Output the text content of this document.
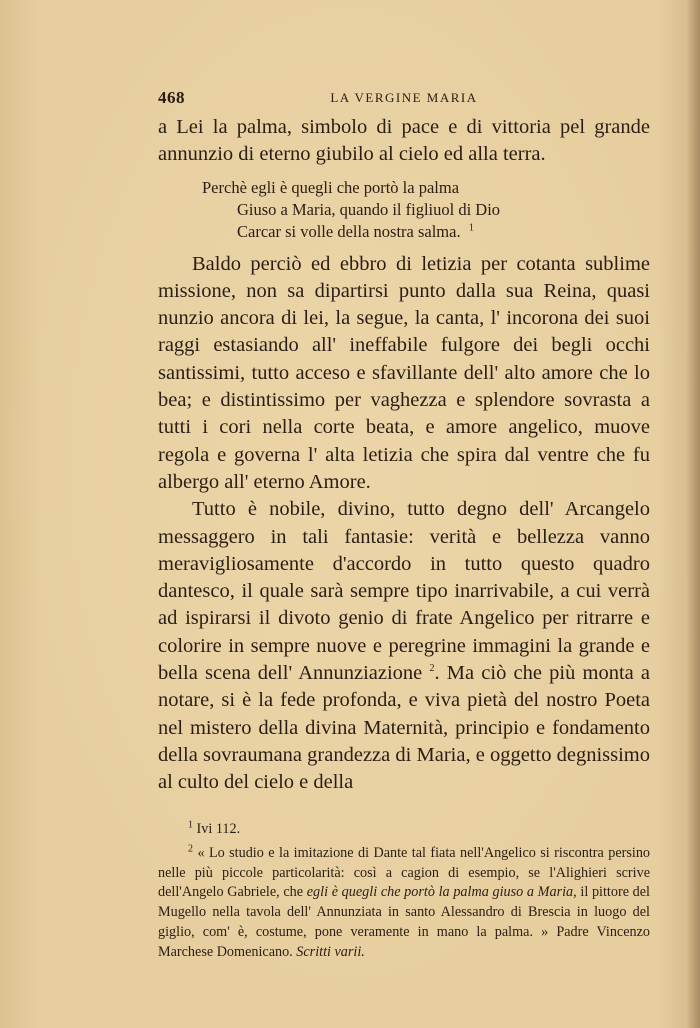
468	LA VERGINE MARIA

a Lei la palma, simbolo di pace e di vittoria pel grande annunzio di eterno giubilo al cielo ed alla terra.

Perchè egli è quegli che portò la palma
Giuso a Maria, quando il figliuol di Dio
Carcar si volle della nostra salma. $^1$

Baldo perciò ed ebbro di letizia per cotanta sublime missione, non sa dipartirsi punto dalla sua Reina, quasi nunzio ancora di lei, la segue, la canta, l' incorona dei suoi raggi estasiando all' ineffabile fulgore dei begli occhi santissimi, tutto acceso e sfavillante dell' alto amore che lo bea; e distintissimo per vaghezza e splendore sovrasta a tutti i cori nella corte beata, e amore angelico, muove regola e governa l' alta letizia che spira dal ventre che fu albergo all' eterno Amore.

Tutto è nobile, divino, tutto degno dell' Arcangelo messaggero in tali fantasie: verità e bellezza vanno meravigliosamente d'accordo in tutto questo quadro dantesco, il quale sarà sempre tipo inarrivabile, a cui verrà ad ispirarsi il divoto genio di frate Angelico per ritrarre e colorire in sempre nuove e peregrine immagini la grande e bella scena dell' Annunziazione $^2$. Ma ciò che più monta a notare, si è la fede profonda, e viva pietà del nostro Poeta nel mistero della divina Maternità, principio e fondamento della sovraumana grandezza di Maria, e oggetto degnissimo al culto del cielo e della

$^1$ Ivi 112.

$^2$ « Lo studio e la imitazione di Dante tal fiata nell'Angelico si riscontra persino nelle più piccole particolarità: così a cagion di esempio, se l'Alighieri scrive dell'Angelo Gabriele, che egli è quegli che portò la palma giuso a Maria, il pittore del Mugello nella tavola dell' Annunziata in santo Alessandro di Brescia in luogo del giglio, com' è, costume, pone veramente in mano la palma. » Padre Vincenzo Marchese Domenicano. Scritti varii.
